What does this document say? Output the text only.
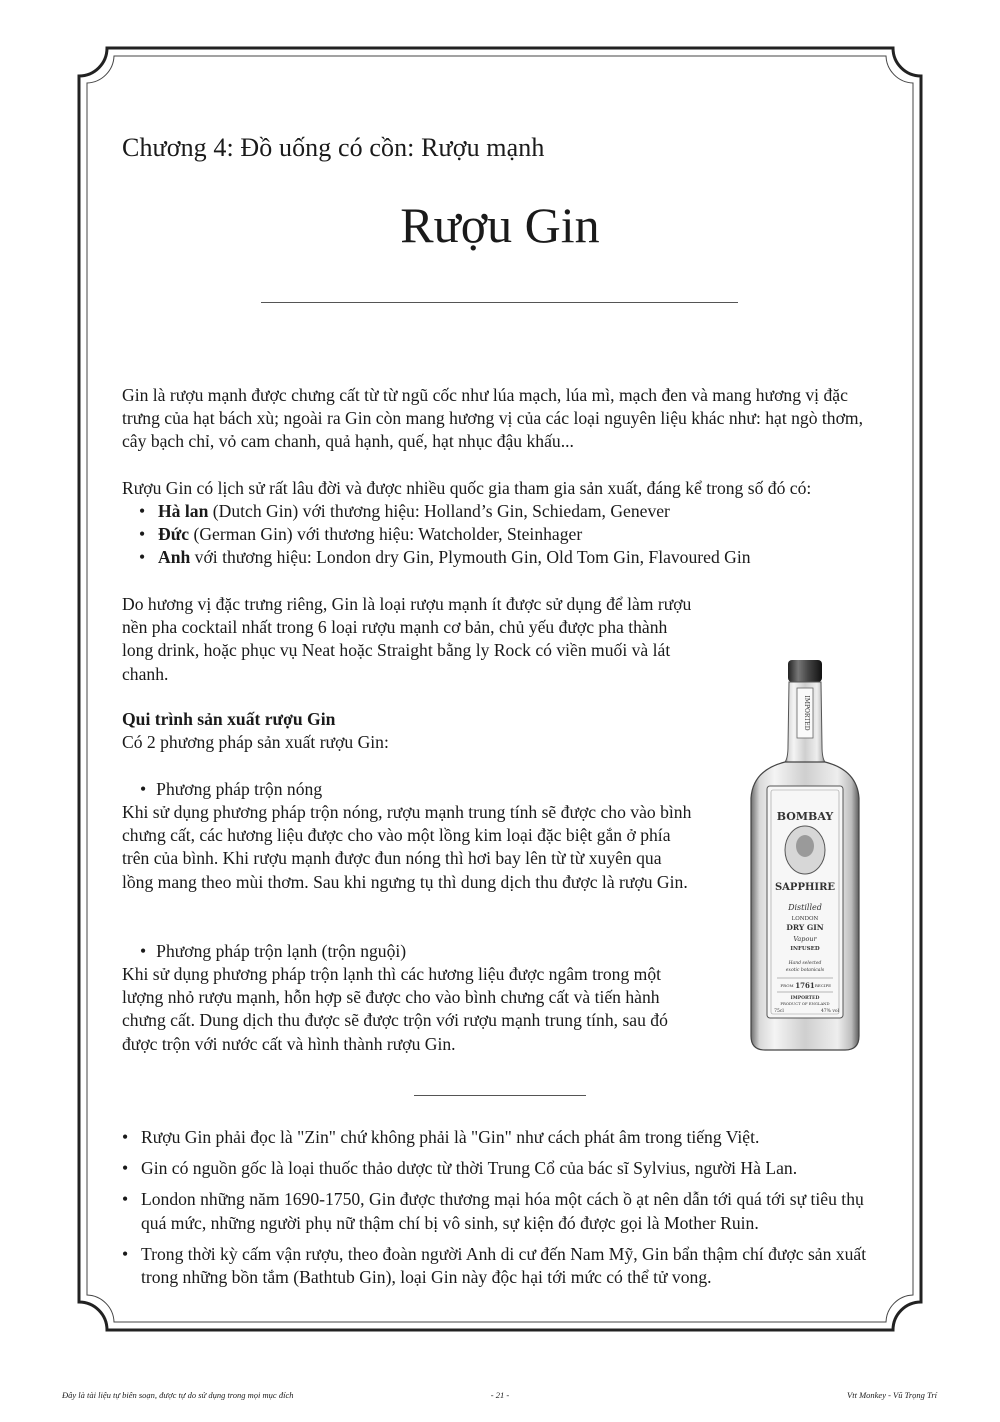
Chương 4: Đồ uống có cồn: Rượu mạnh
Rượu Gin

Gin là rượu mạnh được chưng cất từ từ ngũ cốc như lúa mạch, lúa mì, mạch đen và mang hương vị đặc trưng của hạt bách xù; ngoài ra Gin còn mang hương vị của các loại nguyên liệu khác như: hạt ngò thơm, cây bạch chỉ, vỏ cam chanh, quả hạnh, quế, hạt nhục đậu khấu...

Rượu Gin có lịch sử rất lâu đời và được nhiều quốc gia tham gia sản xuất, đáng kể trong số đó có:

• Hà lan (Dutch Gin) với thương hiệu: Holland’s Gin, Schiedam, Genever
• Đức (German Gin) với thương hiệu: Watcholder, Steinhager
• Anh với thương hiệu: London dry Gin, Plymouth Gin, Old Tom Gin, Flavoured Gin

Do hương vị đặc trưng riêng, Gin là loại rượu mạnh ít được sử dụng để làm rượu nền pha cocktail nhất trong 6 loại rượu mạnh cơ bản, chủ yếu được pha thành long drink, hoặc phục vụ Neat hoặc Straight bằng ly Rock có viền muối và lát chanh.

Qui trình sản xuất rượu Gin
Có 2 phương pháp sản xuất rượu Gin:
• Phương pháp trộn nóng

Khi sử dụng phương pháp trộn nóng, rượu mạnh trung tính sẽ được cho vào bình chưng cất, các hương liệu được cho vào một lồng kim loại đặc biệt gắn ở phía trên của bình. Khi rượu mạnh được đun nóng thì hơi bay lên từ từ xuyên qua lồng mang theo mùi thơm. Sau khi ngưng tụ thì dung dịch thu được là rượu Gin.

• Phương pháp trộn lạnh (trộn nguội)

Khi sử dụng phương pháp trộn lạnh thì các hương liệu được ngâm trong một lượng nhỏ rượu mạnh, hỗn hợp sẽ được cho vào bình chưng cất và tiến hành chưng cất. Dung dịch thu được sẽ được trộn với rượu mạnh trung tính, sau đó được trộn với nước cất và hình thành rượu Gin.

IMPORTED
BOMBAY
SAPPHIRE
Distilled
LONDON
DRY GIN
Vapour
INFUSED
Hand selected
exotic botanicals
FROM 1761 RECIPE
IMPORTED
PRODUCT OF ENGLAND
75cl	47% vol
• Rượu Gin phải đọc là "Zin" chứ không phải là "Gin" như cách phát âm trong tiếng Việt.
• Gin có nguồn gốc là loại thuốc thảo dược từ thời Trung Cổ của bác sĩ Sylvius, người Hà Lan.
• London những năm 1690-1750, Gin được thương mại hóa một cách ồ ạt nên dẫn tới quá tới sự tiêu thụ quá mức, những người phụ nữ thậm chí bị vô sinh, sự kiện đó được gọi là Mother Ruin.
• Trong thời kỳ cấm vận rượu, theo đoàn người Anh di cư đến Nam Mỹ, Gin bẩn thậm chí được sản xuất trong những bồn tắm (Bathtub Gin), loại Gin này độc hại tới mức có thể tử vong.
Đây là tài liệu tự biên soạn, được tự do sử dụng trong mọi mục đích	- 21 -	Vtt Monkey - Vũ Trọng Trí
